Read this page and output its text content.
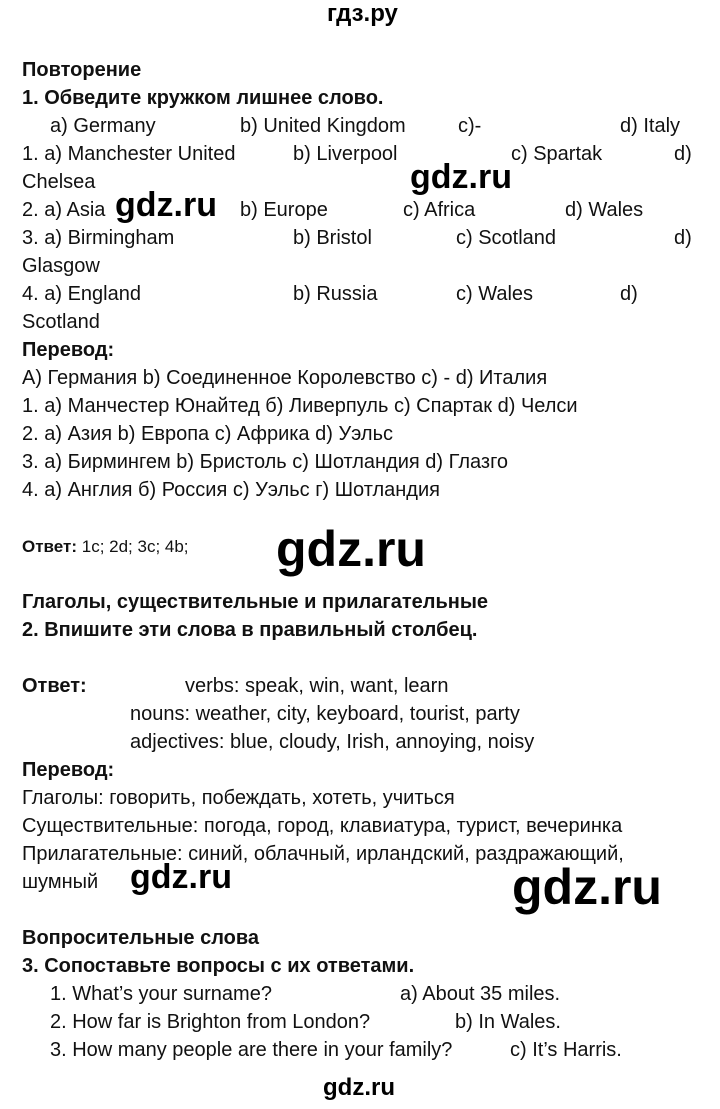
гдз.ру
Повторение
1. Обведите кружком лишнее слово.
a) Germany	b) United Kingdom	c)-	d) Italy
1. a) Manchester United	b) Liverpool	c) Spartak	d)
Chelsea
2. a) Asia	b) Europe	c) Africa	d) Wales
3. a) Birmingham	b) Bristol	c) Scotland	d)
Glasgow
4. a) England	b) Russia	c) Wales	d)
Scotland
Перевод:
А) Германия b) Соединенное Королевство c) - d) Италия
1. a) Манчестер Юнайтед б) Ливерпуль c) Спартак d) Челси
2. a) Азия b) Европа c) Африка d) Уэльс
3. a) Бирмингем b) Бристоль c) Шотландия d) Глазго
4. a) Англия б) Россия c) Уэльс г) Шотландия
Ответ: 1c; 2d; 3c; 4b;
Глаголы, существительные и прилагательные
2. Впишите эти слова в правильный столбец.
Ответ:	verbs: speak, win, want, learn
nouns: weather, city, keyboard, tourist, party
adjectives: blue, cloudy, Irish, annoying, noisy
Перевод:
Глаголы: говорить, побеждать, хотеть, учиться
Существительные: погода, город, клавиатура, турист, вечеринка
Прилагательные: синий, облачный, ирландский, раздражающий,
шумный
Вопросительные слова
3. Сопоставьте вопросы с их ответами.
1. What’s your surname?	a) About 35 miles.
2. How far is Brighton from London?	b) In Wales.
3. How many people are there in your family?	c) It’s Harris.
gdz.ru
gdz.ru
gdz.ru
gdz.ru	gdz.ru
gdz.ru
